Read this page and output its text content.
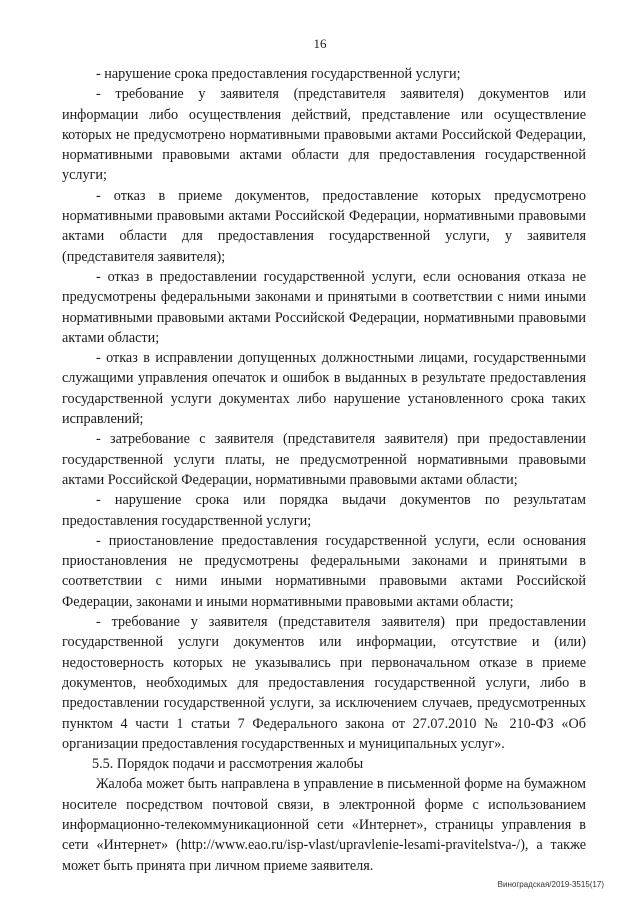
16

- нарушение срока предоставления государственной услуги;

- требование у заявителя (представителя заявителя) документов или информации либо осуществления действий, представление или осуществление которых не предусмотрено нормативными правовыми актами Российской Федерации, нормативными правовыми актами области для предоставления государственной услуги;

- отказ в приеме документов, предоставление которых предусмотрено нормативными правовыми актами Российской Федерации, нормативными правовыми актами области для предоставления государственной услуги, у заявителя (представителя заявителя);

- отказ в предоставлении государственной услуги, если основания отказа не предусмотрены федеральными законами и принятыми в соответствии с ними иными нормативными правовыми актами Российской Федерации, нормативными правовыми актами области;

- отказ в исправлении допущенных должностными лицами, государственными служащими управления опечаток и ошибок в выданных в результате предоставления государственной услуги документах либо нарушение установленного срока таких исправлений;

- затребование с заявителя (представителя заявителя) при предоставлении государственной услуги платы, не предусмотренной нормативными правовыми актами Российской Федерации, нормативными правовыми актами области;

- нарушение срока или порядка выдачи документов по результатам предоставления государственной услуги;

- приостановление предоставления государственной услуги, если основания приостановления не предусмотрены федеральными законами и принятыми в соответствии с ними иными нормативными правовыми актами Российской Федерации, законами и иными нормативными правовыми актами области;

- требование у заявителя (представителя заявителя) при предоставлении государственной услуги документов или информации, отсутствие и (или) недостоверность которых не указывались при первоначальном отказе в приеме документов, необходимых для предоставления государственной услуги, либо в предоставлении государственной услуги, за исключением случаев, предусмотренных пунктом 4 части 1 статьи 7 Федерального закона от 27.07.2010 № 210-ФЗ «Об организации предоставления государственных и муниципальных услуг».

5.5. Порядок подачи и рассмотрения жалобы

Жалоба может быть направлена в управление в письменной форме на бумажном носителе посредством почтовой связи, в электронной форме с использованием информационно-телекоммуникационной сети «Интернет», страницы управления в сети «Интернет» (http://www.eao.ru/isp-vlast/upravlenie-lesami-pravitelstva-/), а также может быть принята при личном приеме заявителя.

Виноградская/2019-3515(17)
